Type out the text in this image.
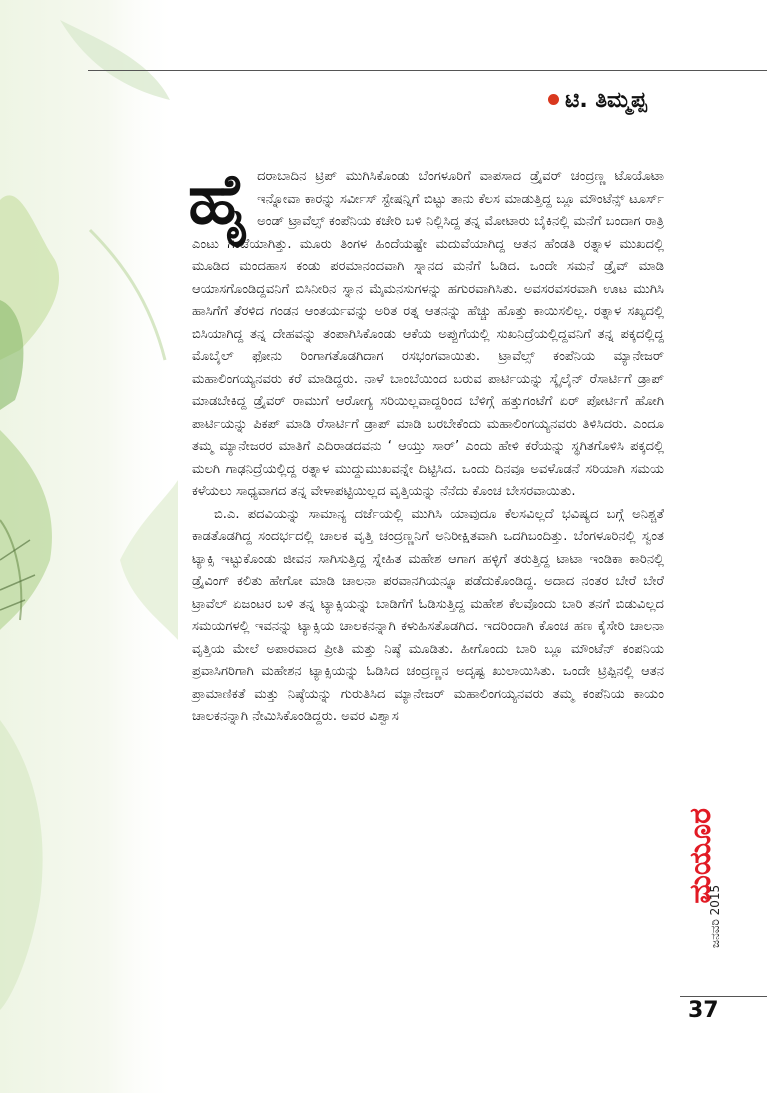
ಟಿ. ತಿಮ್ಮಪ್ಪ

ಹೈದರಾಬಾದಿನ ಟ್ರಿಪ್ ಮುಗಿಸಿಕೊಂಡು ಬೆಂಗಳೂರಿಗೆ ವಾಪಸಾದ ಡ್ರೈವರ್ ಚಂದ್ರಣ್ಣ ಟೊಯೊಟಾ ಇನ್ನೋವಾ ಕಾರನ್ನು ಸರ್ವೀಸ್ ಸ್ಟೇಷನ್ನಿಗೆ ಬಿಟ್ಟು ತಾನು ಕೆಲಸ ಮಾಡುತ್ತಿದ್ದ ಬ್ಲೂ ಮೌಂಟೆನ್ಸ್ ಟೂರ್ಸ್ ಅಂಡ್ ಟ್ರಾವೆಲ್ಸ್ ಕಂಪೆನಿಯ ಕಚೇರಿ ಬಳಿ ನಿಲ್ಲಿಸಿದ್ದ ತನ್ನ ಮೋಟಾರು ಬೈಕಿನಲ್ಲಿ ಮನೆಗೆ ಬಂದಾಗ ರಾತ್ರಿ ಎಂಟು ಗಂಟೆಯಾಗಿತ್ತು. ಮೂರು ತಿಂಗಳ ಹಿಂದೆಯಷ್ಟೇ ಮದುವೆಯಾಗಿದ್ದ ಆತನ ಹೆಂಡತಿ ರತ್ನಾಳ ಮುಖದಲ್ಲಿ ಮೂಡಿದ ಮಂದಹಾಸ ಕಂಡು ಪರಮಾನಂದವಾಗಿ ಸ್ನಾನದ ಮನೆಗೆ ಓಡಿದ. ಒಂದೇ ಸಮನೆ ಡ್ರೈವ್ ಮಾಡಿ ಆಯಾಸಗೊಂಡಿದ್ದವನಿಗೆ ಬಿಸಿನೀರಿನ ಸ್ನಾನ ಮೈಮನಸುಗಳನ್ನು ಹಗುರವಾಗಿಸಿತು. ಅವಸರವಸರವಾಗಿ ಊಟ ಮುಗಿಸಿ ಹಾಸಿಗೆಗೆ ತೆರಳಿದ ಗಂಡನ ಆಂತರ್ಯವನ್ನು ಅರಿತ ರತ್ನ ಆತನನ್ನು ಹೆಚ್ಚು ಹೊತ್ತು ಕಾಯಿಸಲಿಲ್ಲ. ರತ್ನಾಳ ಸಖ್ಯದಲ್ಲಿ ಬಿಸಿಯಾಗಿದ್ದ ತನ್ನ ದೇಹವನ್ನು ತಂಪಾಗಿಸಿಕೊಂಡು ಆಕೆಯ ಅಪ್ಪುಗೆಯಲ್ಲಿ ಸುಖನಿದ್ರೆಯಲ್ಲಿದ್ದವನಿಗೆ ತನ್ನ ಪಕ್ಕದಲ್ಲಿದ್ದ ಮೊಬೈಲ್ ಫೋನು ರಿಂಗಾಗತೊಡಗಿದಾಗ ರಸಭಂಗವಾಯಿತು. ಟ್ರಾವೆಲ್ಸ್ ಕಂಪೆನಿಯ ಮ್ಯಾನೇಜರ್ ಮಹಾಲಿಂಗಯ್ಯನವರು ಕರೆ ಮಾಡಿದ್ದರು. ನಾಳೆ ಬಾಂಬೆಯಿಂದ ಬರುವ ಪಾರ್ಟಿಯನ್ನು ಸ್ಕೈಲೈನ್ ರೆಸಾರ್ಟಿಗೆ ಡ್ರಾಪ್ ಮಾಡಬೇಕಿದ್ದ ಡ್ರೈವರ್ ರಾಮುಗೆ ಆರೋಗ್ಯ ಸರಿಯಿಲ್ಲವಾದ್ದರಿಂದ ಬೆಳಿಗ್ಗೆ ಹತ್ತುಗಂಟೆಗೆ ಏರ್ ಪೋರ್ಟಿಗೆ ಹೋಗಿ ಪಾರ್ಟಿಯನ್ನು ಪಿಕಪ್ ಮಾಡಿ ರೆಸಾರ್ಟಿಗೆ ಡ್ರಾಪ್ ಮಾಡಿ ಬರಬೇಕೆಂದು ಮಹಾಲಿಂಗಯ್ಯನವರು ತಿಳಿಸಿದರು. ಎಂದೂ ತಮ್ಮ ಮ್ಯಾನೇಜರರ ಮಾತಿಗೆ ಎದಿರಾಡದವನು ‘ ಆಯ್ತು ಸಾರ್’ ಎಂದು ಹೇಳಿ ಕರೆಯನ್ನು ಸ್ಥಗಿತಗೊಳಿಸಿ ಪಕ್ಕದಲ್ಲಿ ಮಲಗಿ ಗಾಢನಿದ್ರೆಯಲ್ಲಿದ್ದ ರತ್ನಾಳ ಮುದ್ದುಮುಖವನ್ನೇ ದಿಟ್ಟಿಸಿದ. ಒಂದು ದಿನವೂ ಅವಳೊಡನೆ ಸರಿಯಾಗಿ ಸಮಯ ಕಳೆಯಲು ಸಾಧ್ಯವಾಗದ ತನ್ನ ವೇಳಾಪಟ್ಟಿಯಿಲ್ಲದ ವೃತ್ತಿಯನ್ನು ನೆನೆದು ಕೊಂಚ ಬೇಸರವಾಯಿತು.

ಬಿ.ಎ. ಪದವಿಯನ್ನು ಸಾಮಾನ್ಯ ದರ್ಜೆಯಲ್ಲಿ ಮುಗಿಸಿ ಯಾವುದೂ ಕೆಲಸವಿಲ್ಲದೆ ಭವಿಷ್ಯದ ಬಗ್ಗೆ ಅನಿಶ್ಚತೆ ಕಾಡತೊಡಗಿದ್ದ ಸಂದರ್ಭದಲ್ಲಿ ಚಾಲಕ ವೃತ್ತಿ ಚಂದ್ರಣ್ಣನಿಗೆ ಅನಿರೀಕ್ಷಿತವಾಗಿ ಒದಗಿಬಂದಿತ್ತು. ಬೆಂಗಳೂರಿನಲ್ಲಿ ಸ್ವಂತ ಟ್ಯಾಕ್ಸಿ ಇಟ್ಟುಕೊಂಡು ಜೀವನ ಸಾಗಿಸುತ್ತಿದ್ದ ಸ್ನೇಹಿತ ಮಹೇಶ ಆಗಾಗ ಹಳ್ಳಿಗೆ ತರುತ್ತಿದ್ದ ಟಾಟಾ ಇಂಡಿಕಾ ಕಾರಿನಲ್ಲಿ ಡ್ರೈವಿಂಗ್ ಕಲಿತು ಹೇಗೋ ಮಾಡಿ ಚಾಲನಾ ಪರವಾನಗಿಯನ್ನೂ ಪಡೆದುಕೊಂಡಿದ್ದ. ಅದಾದ ನಂತರ ಬೇರೆ ಬೇರೆ ಟ್ರಾವೆಲ್ ಏಜಂಟರ ಬಳಿ ತನ್ನ ಟ್ಯಾಕ್ಸಿಯನ್ನು ಬಾಡಿಗೆಗೆ ಓಡಿಸುತ್ತಿದ್ದ ಮಹೇಶ ಕೆಲವೊಂದು ಬಾರಿ ತನಗೆ ಬಿಡುವಿಲ್ಲದ ಸಮಯಗಳಲ್ಲಿ ಇವನನ್ನು ಟ್ಯಾಕ್ಸಿಯ ಚಾಲಕನನ್ನಾಗಿ ಕಳುಹಿಸತೊಡಗಿದ. ಇದರಿಂದಾಗಿ ಕೊಂಚ ಹಣ ಕೈಸೇರಿ ಚಾಲನಾ ವೃತ್ತಿಯ ಮೇಲೆ ಅಪಾರವಾದ ಪ್ರೀತಿ ಮತ್ತು ನಿಷ್ಠೆ ಮೂಡಿತು. ಹೀಗೊಂದು ಬಾರಿ ಬ್ಲೂ ಮೌಂಟೆನ್ ಕಂಪನಿಯ ಪ್ರವಾಸಿಗರಿಗಾಗಿ ಮಹೇಶನ ಟ್ಯಾಕ್ಸಿಯನ್ನು ಓಡಿಸಿದ ಚಂದ್ರಣ್ಣನ ಅದೃಷ್ಟ ಖುಲಾಯಿಸಿತು. ಒಂದೇ ಟ್ರಿಪ್ಪಿನಲ್ಲಿ ಆತನ ಪ್ರಾಮಾಣಿಕತೆ ಮತ್ತು ನಿಷ್ಠೆಯನ್ನು ಗುರುತಿಸಿದ ಮ್ಯಾನೇಜರ್ ಮಹಾಲಿಂಗಯ್ಯನವರು ತಮ್ಮ ಕಂಪೆನಿಯ ಕಾಯಂ ಚಾಲಕನನ್ನಾಗಿ ನೇಮಿಸಿಕೊಂಡಿದ್ದರು. ಅವರ ವಿಶ್ವಾಸ

ಮಯೂರ
ಜನವರಿ 2015
37
